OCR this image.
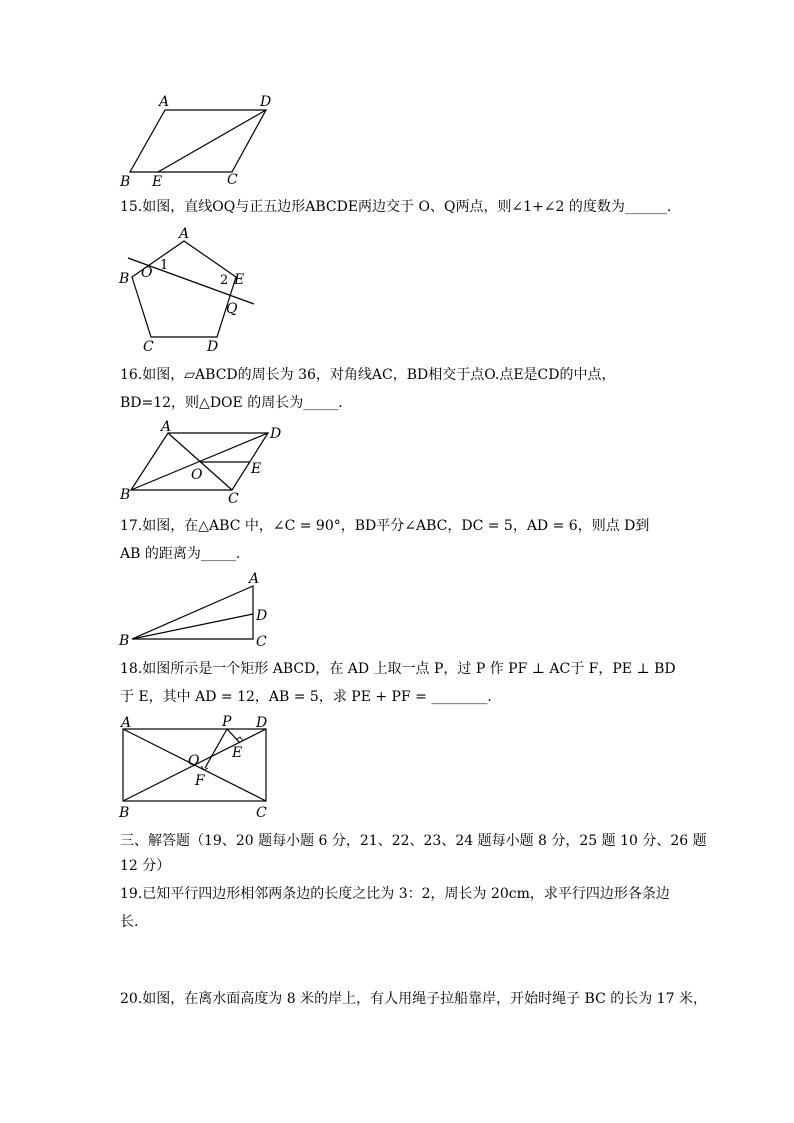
A	D
B E	C
15.如图，直线OQ与正五边形ABCDE两边交于 O、Q两点，则∠1+∠2 的度数为______.
A
B O 1
2 E
Q
C	D
16.如图，▱ABCD的周长为 36，对角线AC，BD相交于点O.点E是CD的中点，
BD=12，则△DOE 的周长为_____.
A	D
O	E
B	C
17.如图，在△ABC 中，∠C = 90°，BD平分∠ABC，DC = 5，AD = 6，则点 D到
AB 的距离为_____.
A
D
B	C
18.如图所示是一个矩形 ABCD，在 AD 上取一点 P，过 P 作 PF ⊥ AC于 F，PE ⊥ BD
于 E，其中 AD = 12，AB = 5，求 PE + PF = ________.
A	P D
E
O
F
B	C
三、解答题（19、20 题每小题 6 分，21、22、23、24 题每小题 8 分，25 题 10 分、26 题
12 分）
19.已知平行四边形相邻两条边的长度之比为 3：2，周长为 20cm，求平行四边形各条边
长.
20.如图，在离水面高度为 8 米的岸上，有人用绳子拉船靠岸，开始时绳子 BC 的长为 17 米，
